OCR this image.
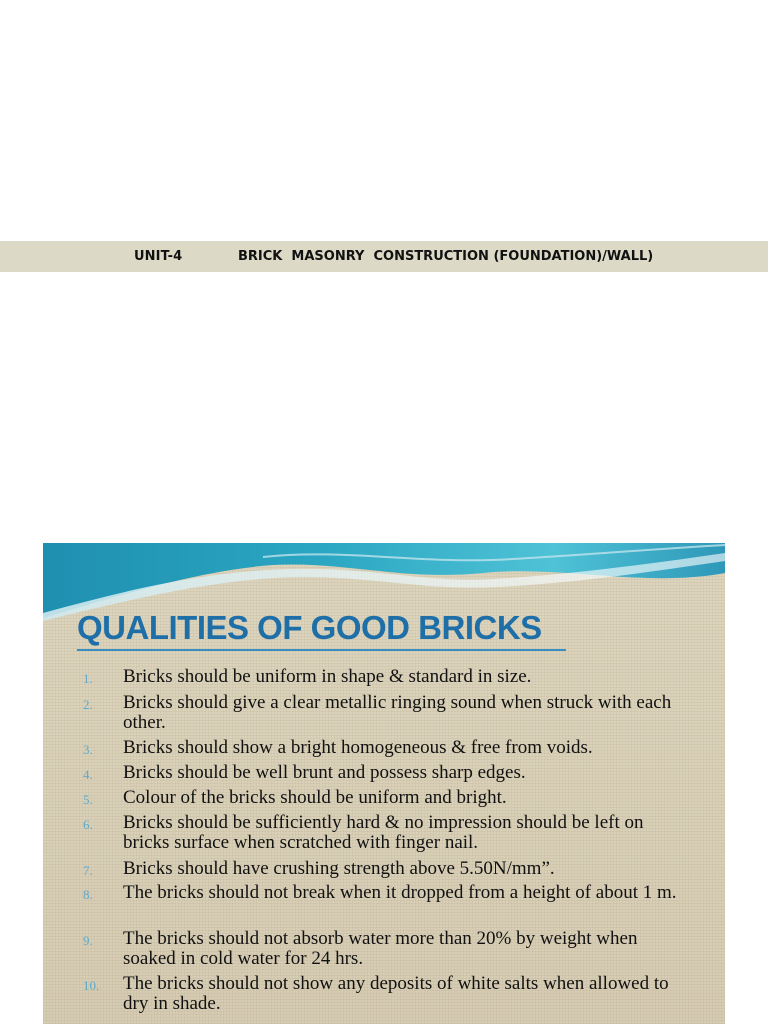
UNIT-4	BRICK  MASONRY  CONSTRUCTION (FOUNDATION)/WALL)
QUALITIES OF GOOD BRICKS
1. Bricks should be uniform in shape & standard in size.
2. Bricks should give a clear metallic ringing sound when struck with each other.
3. Bricks should show a bright homogeneous & free from voids.
4. Bricks should be well brunt and possess sharp edges.
5. Colour of the bricks should be uniform and bright.
6. Bricks should be sufficiently hard & no impression should be left on bricks surface when scratched with finger nail.
7. Bricks should have crushing strength above 5.50N/mm”.
8. The bricks should not break when it dropped from a height of about 1 m.
9. The bricks should not absorb water more than 20% by weight when soaked in cold water for 24 hrs.
10. The bricks should not show any deposits of white salts when allowed to dry in shade.
